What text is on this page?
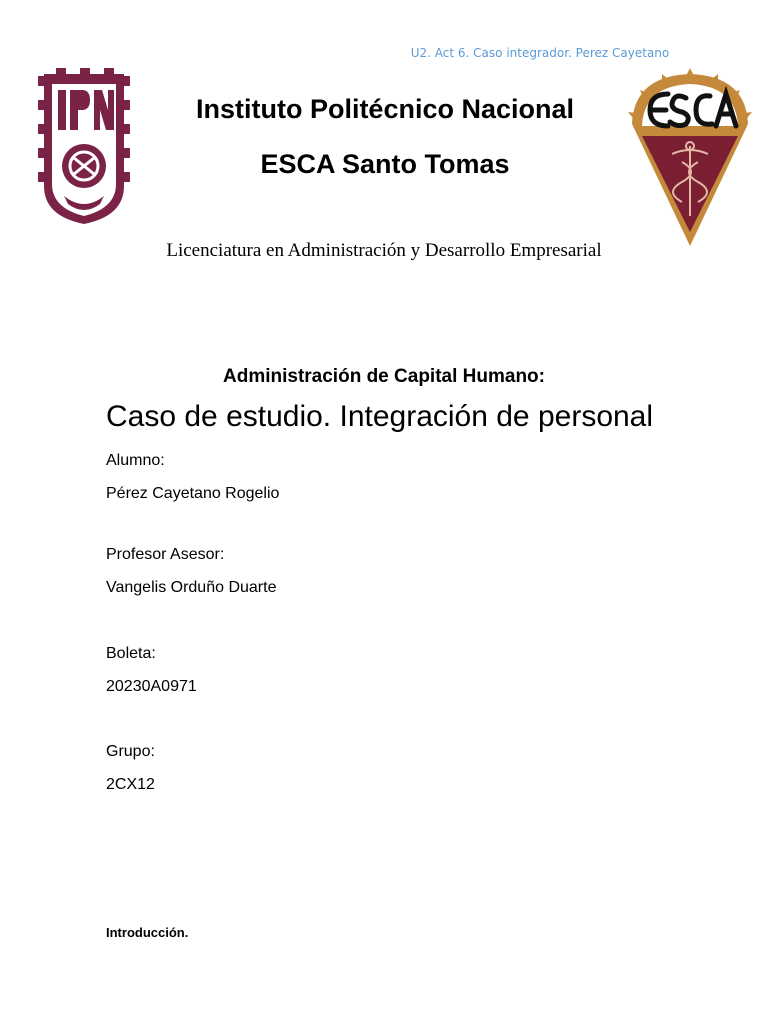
U2. Act 6. Caso integrador. Perez Cayetano
Instituto Politécnico Nacional
ESCA Santo Tomas
Licenciatura en Administración y Desarrollo Empresarial
Administración de Capital Humano:
Caso de estudio. Integración de personal
Alumno:
Pérez Cayetano Rogelio
Profesor Asesor:
Vangelis Orduño Duarte
Boleta:
20230A0971
Grupo:
2CX12
Introducción.
